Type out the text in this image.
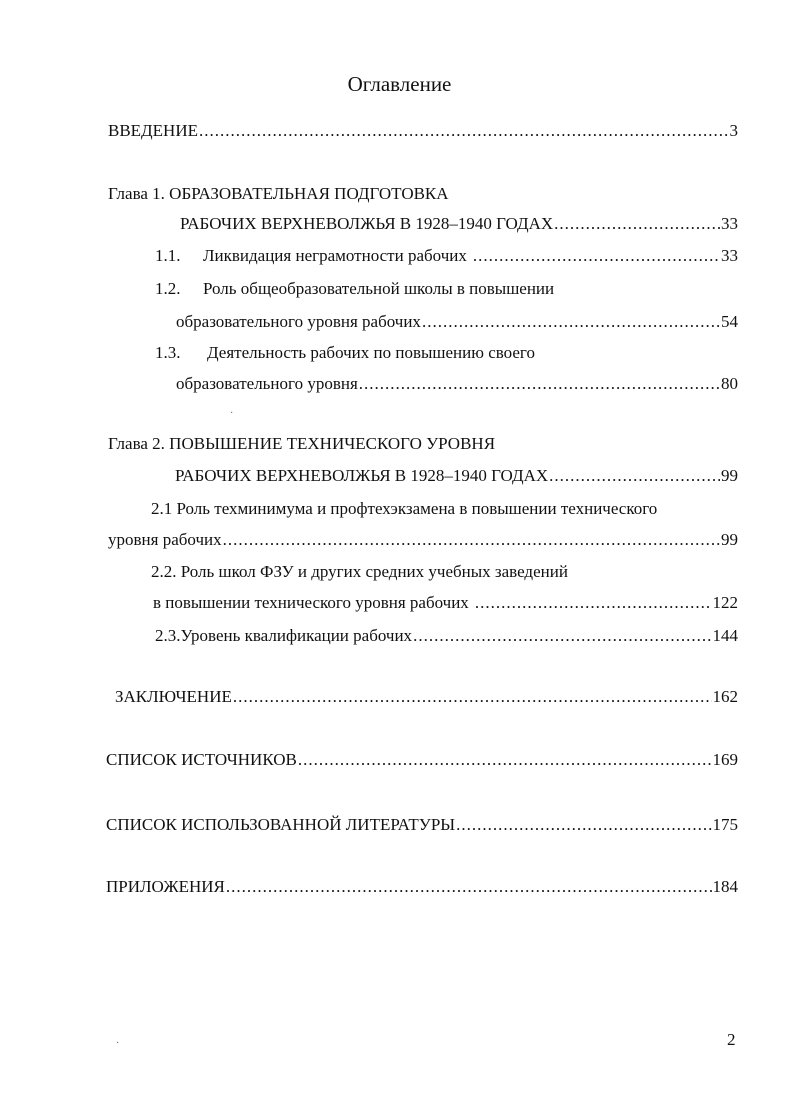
Оглавление
ВВЕДЕНИЕ .....	3
Глава 1. ОБРАЗОВАТЕЛЬНАЯ ПОДГОТОВКА
РАБОЧИХ ВЕРХНЕВОЛЖЬЯ В 1928–1940 ГОДАХ .....	33
1.1.	Ликвидация неграмотности рабочих .....	33
1.2. Роль общеобразовательной школы в повышении
образовательного уровня рабочих .....	54
1.3. Деятельность рабочих по повышению своего
образовательного уровня .....	80
·
Глава 2. ПОВЫШЕНИЕ ТЕХНИЧЕСКОГО УРОВНЯ
РАБОЧИХ ВЕРХНЕВОЛЖЬЯ В 1928–1940 ГОДАХ .....	99
2.1 Роль техминимума и профтехэкзамена в повышении технического
уровня рабочих .....	99
2.2. Роль школ ФЗУ и других средних учебных заведений
в повышении технического уровня рабочих .....	122
2.3.Уровень квалификации рабочих .....	144
ЗАКЛЮЧЕНИЕ .....	162
СПИСОК ИСТОЧНИКОВ .....	169
СПИСОК ИСПОЛЬЗОВАННОЙ ЛИТЕРАТУРЫ .....	175
ПРИЛОЖЕНИЯ .....	184
·	2
